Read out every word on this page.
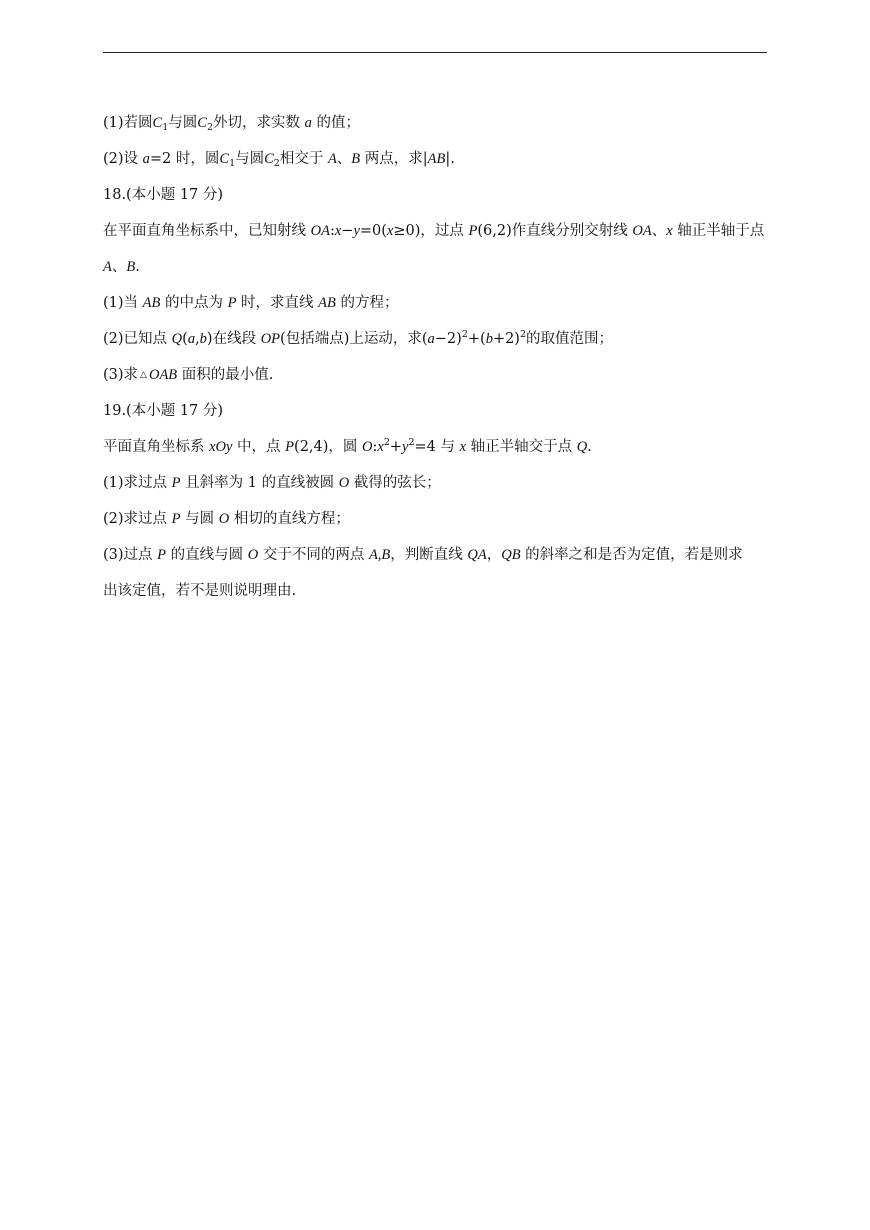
(1)若圆$C_1$与圆$C_2$外切，求实数 a 的值；
(2)设 a=2 时，圆$C_1$与圆$C_2$相交于 A、B 两点，求|AB|.
18.(本小题 17 分)
在平面直角坐标系中，已知射线 OA:x−y=0(x≥0)，过点 P(6,2)作直线分别交射线 OA、x 轴正半轴于点
A、B.
(1)当 AB 的中点为 P 时，求直线 AB 的方程；
(2)已知点 Q(a,b)在线段 OP(包括端点)上运动，求$(a-2)^2+(b+2)^2$的取值范围；
(3)求 △ OAB 面积的最小值.
19.(本小题 17 分)
平面直角坐标系 xOy 中，点 P(2,4)，圆 $O:x^2+y^2=4$ 与 x 轴正半轴交于点 Q.
(1)求过点 P 且斜率为 1 的直线被圆 O 截得的弦长；
(2)求过点 P 与圆 O 相切的直线方程；
(3)过点 P 的直线与圆 O 交于不同的两点 A,B，判断直线 QA，QB 的斜率之和是否为定值，若是则求
出该定值，若不是则说明理由.
